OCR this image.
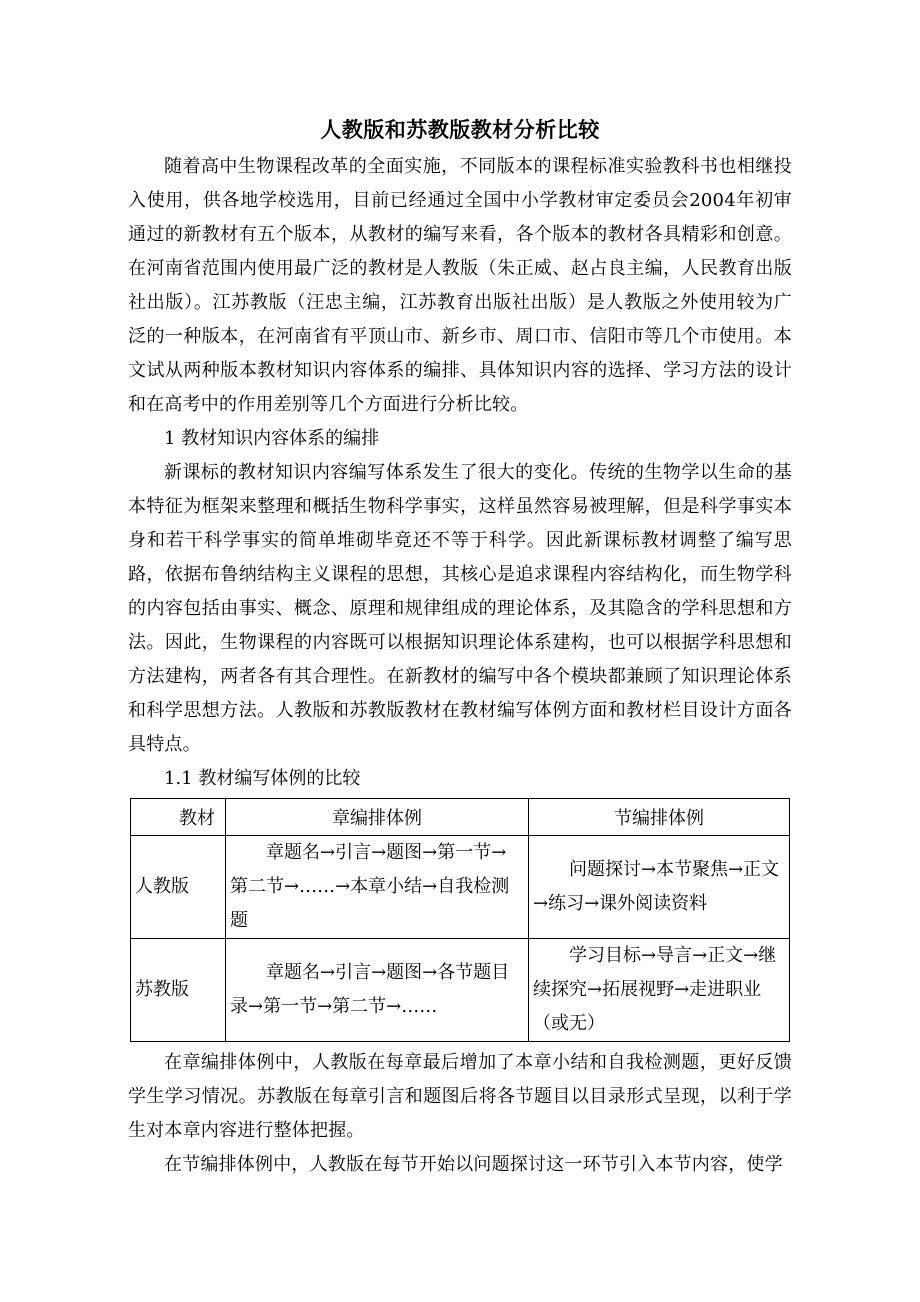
人教版和苏教版教材分析比较

随着高中生物课程改革的全面实施，不同版本的课程标准实验教科书也相继投入使用，供各地学校选用，目前已经通过全国中小学教材审定委员会2004年初审通过的新教材有五个版本，从教材的编写来看，各个版本的教材各具精彩和创意。在河南省范围内使用最广泛的教材是人教版（朱正威、赵占良主编，人民教育出版社出版）。江苏教版（汪忠主编，江苏教育出版社出版）是人教版之外使用较为广泛的一种版本，在河南省有平顶山市、新乡市、周口市、信阳市等几个市使用。本文试从两种版本教材知识内容体系的编排、具体知识内容的选择、学习方法的设计和在高考中的作用差别等几个方面进行分析比较。

1 教材知识内容体系的编排

新课标的教材知识内容编写体系发生了很大的变化。传统的生物学以生命的基本特征为框架来整理和概括生物科学事实，这样虽然容易被理解，但是科学事实本身和若干科学事实的简单堆砌毕竟还不等于科学。因此新课标教材调整了编写思路，依据布鲁纳结构主义课程的思想，其核心是追求课程内容结构化，而生物学科的内容包括由事实、概念、原理和规律组成的理论体系，及其隐含的学科思想和方法。因此，生物课程的内容既可以根据知识理论体系建构，也可以根据学科思想和方法建构，两者各有其合理性。在新教材的编写中各个模块都兼顾了知识理论体系和科学思想方法。人教版和苏教版教材在教材编写体例方面和教材栏目设计方面各具特点。

1.1 教材编写体例的比较

教材	章编排体例	节编排体例
人教版	章题名→引言→题图→第一节→第二节→……→本章小结→自我检测题	问题探讨→本节聚焦→正文→练习→课外阅读资料
苏教版	章题名→引言→题图→各节题目录→第一节→第二节→……	学习目标→导言→正文→继续探究→拓展视野→走进职业（或无）

在章编排体例中，人教版在每章最后增加了本章小结和自我检测题，更好反馈学生学习情况。苏教版在每章引言和题图后将各节题目以目录形式呈现，以利于学生对本章内容进行整体把握。

在节编排体例中，人教版在每节开始以问题探讨这一环节引入本节内容，使学
